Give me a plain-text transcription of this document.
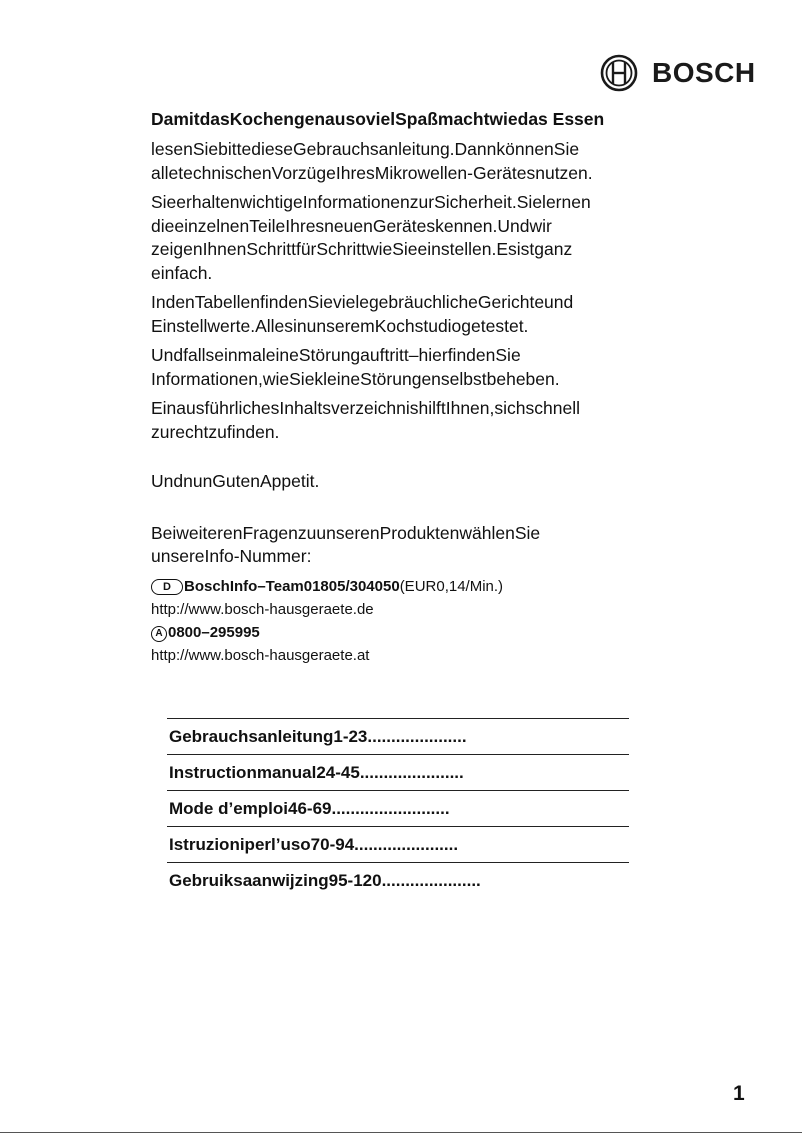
BOSCH
DamitdasKochengenausovielSpaßmachtwiedas Essen
lesenSiebittedieseGebrauchsanleitung.DannkönnenSie alletechnischenVorzügeIhresMikrowellen-Gerätesnutzen.
SieerhaltenwichtigeInformationenzurSicherheit.Sielernen dieeinzelnenTeileIhresneuenGeräteskennen.Undwir zeigenIhnenSchrittfürSchrittwieSieeinstellen.Esistganz einfach.
IndenTabellenfindenSievielegebräuchlicheGerichteund Einstellwerte.AllesinunseremKochstudiogetestet.
UndfallseinmaleineStörungauftritt–hierfindenSie Informationen,wieSiekleineStörungenselbstbeheben.
EinausführlichesInhaltsverzeichnishilftIhnen,sichschnell zurechtzufinden.
UndnunGutenAppetit.
BeiweiterenFragenzuunserenProduktenwählenSie unsereInfo-Nummer:
D BoschInfo–Team01805/304050(EUR0,14/Min.)
http://www.bosch-hausgeraete.de
A 0800–295995
http://www.bosch-hausgeraete.at
Gebrauchsanleitung1-23.....................
Instructionmanual24-45......................
Mode d’emploi46-69.........................
Istruzioniperl’uso70-94......................
Gebruiksaanwijzing95-120.....................
1
